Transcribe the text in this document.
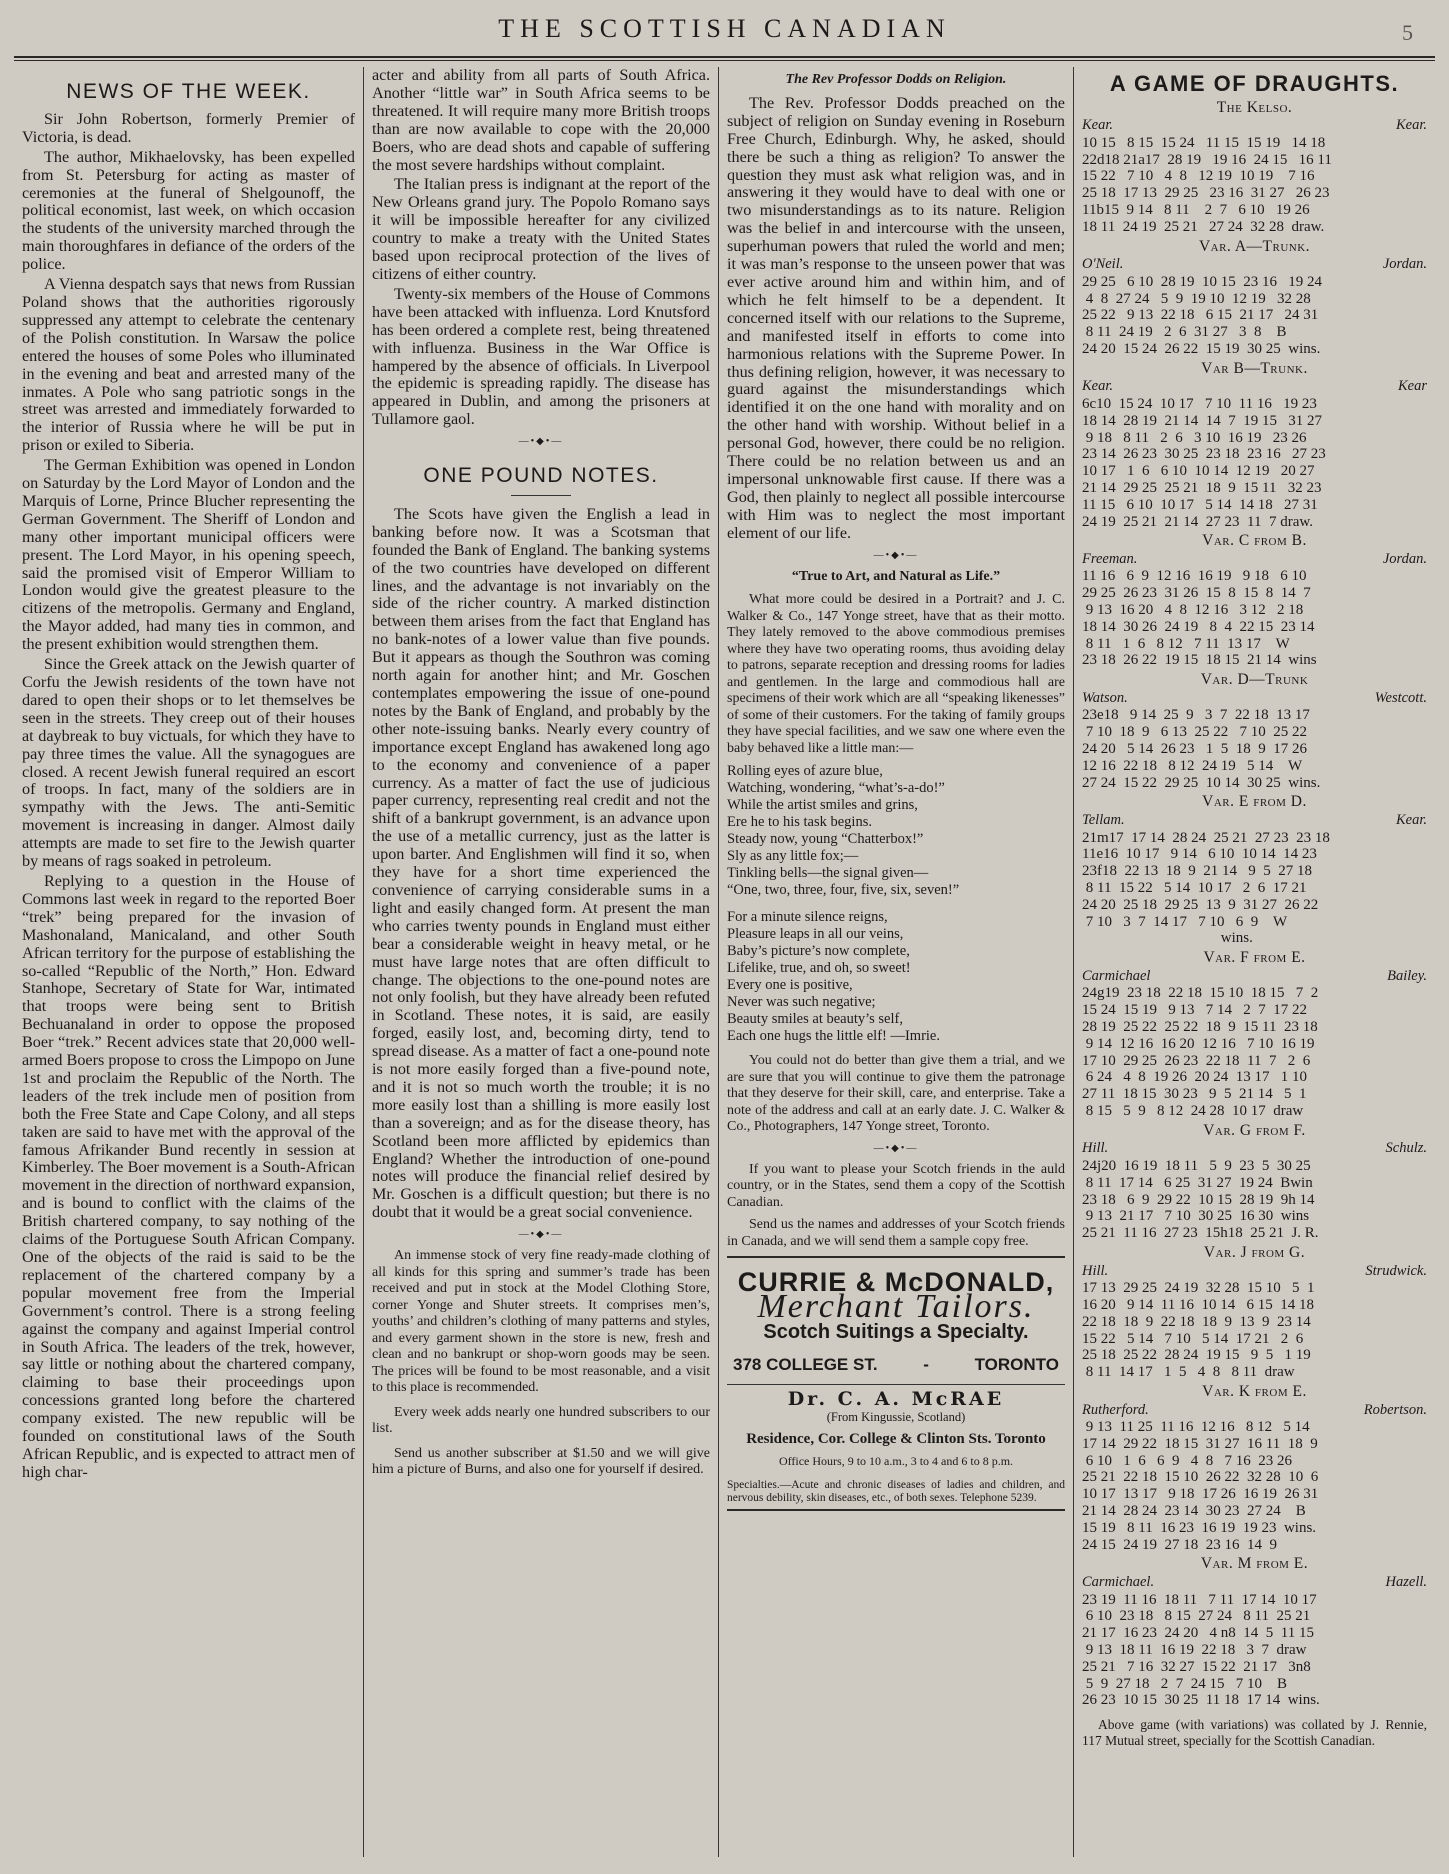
THE SCOTTISH CANADIAN	5
NEWS OF THE WEEK.

Sir John Robertson, formerly Premier of Victoria, is dead.

The author, Mikhaelovsky, has been expelled from St. Petersburg for acting as master of ceremonies at the funeral of Shelgounoff, the political economist, last week, on which occasion the students of the university marched through the main thoroughfares in defiance of the orders of the police.

A Vienna despatch says that news from Russian Poland shows that the authorities rigorously suppressed any attempt to celebrate the centenary of the Polish constitution. In Warsaw the police entered the houses of some Poles who illuminated in the evening and beat and arrested many of the inmates. A Pole who sang patriotic songs in the street was arrested and immediately forwarded to the interior of Russia where he will be put in prison or exiled to Siberia.

The German Exhibition was opened in London on Saturday by the Lord Mayor of London and the Marquis of Lorne, Prince Blucher representing the German Government. The Sheriff of London and many other important municipal officers were present. The Lord Mayor, in his opening speech, said the promised visit of Emperor William to London would give the greatest pleasure to the citizens of the metropolis. Germany and England, the Mayor added, had many ties in common, and the present exhibition would strengthen them.

Since the Greek attack on the Jewish quarter of Corfu the Jewish residents of the town have not dared to open their shops or to let themselves be seen in the streets. They creep out of their houses at daybreak to buy victuals, for which they have to pay three times the value. All the synagogues are closed. A recent Jewish funeral required an escort of troops. In fact, many of the soldiers are in sympathy with the Jews. The anti-Semitic movement is increasing in danger. Almost daily attempts are made to set fire to the Jewish quarter by means of rags soaked in petroleum.

Replying to a question in the House of Commons last week in regard to the reported Boer “trek” being prepared for the invasion of Mashonaland, Manicaland, and other South African territory for the purpose of establishing the so-called “Republic of the North,” Hon. Edward Stanhope, Secretary of State for War, intimated that troops were being sent to British Bechuanaland in order to oppose the proposed Boer “trek.” Recent advices state that 20,000 well-armed Boers propose to cross the Limpopo on June 1st and proclaim the Republic of the North. The leaders of the trek include men of position from both the Free State and Cape Colony, and all steps taken are said to have met with the approval of the famous Afrikander Bund recently in session at Kimberley. The Boer movement is a South-African movement in the direction of northward expansion, and is bound to conflict with the claims of the British chartered company, to say nothing of the claims of the Portuguese South African Company. One of the objects of the raid is said to be the replacement of the chartered company by a popular movement free from the Imperial Government’s control. There is a strong feeling against the company and against Imperial control in South Africa. The leaders of the trek, however, say little or nothing about the chartered company, claiming to base their proceedings upon concessions granted long before the chartered company existed. The new republic will be founded on constitutional laws of the South African Republic, and is expected to attract men of high char-

acter and ability from all parts of South Africa. Another “little war” in South Africa seems to be threatened. It will require many more British troops than are now available to cope with the 20,000 Boers, who are dead shots and capable of suffering the most severe hardships without complaint.

The Italian press is indignant at the report of the New Orleans grand jury. The Popolo Romano says it will be impossible hereafter for any civilized country to make a treaty with the United States based upon reciprocal protection of the lives of citizens of either country.

Twenty-six members of the House of Commons have been attacked with influenza. Lord Knutsford has been ordered a complete rest, being threatened with influenza. Business in the War Office is hampered by the absence of officials. In Liverpool the epidemic is spreading rapidly. The disease has appeared in Dublin, and among the prisoners at Tullamore gaol.

—•◆•—
ONE POUND NOTES.

The Scots have given the English a lead in banking before now. It was a Scotsman that founded the Bank of England. The banking systems of the two countries have developed on different lines, and the advantage is not invariably on the side of the richer country. A marked distinction between them arises from the fact that England has no bank-notes of a lower value than five pounds. But it appears as though the Southron was coming north again for another hint; and Mr. Goschen contemplates empowering the issue of one-pound notes by the Bank of England, and probably by the other note-issuing banks. Nearly every country of importance except England has awakened long ago to the economy and convenience of a paper currency. As a matter of fact the use of judicious paper currency, representing real credit and not the shift of a bankrupt government, is an advance upon the use of a metallic currency, just as the latter is upon barter. And Englishmen will find it so, when they have for a short time experienced the convenience of carrying considerable sums in a light and easily changed form. At present the man who carries twenty pounds in England must either bear a considerable weight in heavy metal, or he must have large notes that are often difficult to change. The objections to the one-pound notes are not only foolish, but they have already been refuted in Scotland. These notes, it is said, are easily forged, easily lost, and, becoming dirty, tend to spread disease. As a matter of fact a one-pound note is not more easily forged than a five-pound note, and it is not so much worth the trouble; it is no more easily lost than a shilling is more easily lost than a sovereign; and as for the disease theory, has Scotland been more afflicted by epidemics than England? Whether the introduction of one-pound notes will produce the financial relief desired by Mr. Goschen is a difficult question; but there is no doubt that it would be a great social convenience.

—•◆•—

An immense stock of very fine ready-made clothing of all kinds for this spring and summer’s trade has been received and put in stock at the Model Clothing Store, corner Yonge and Shuter streets. It comprises men’s, youths’ and children’s clothing of many patterns and styles, and every garment shown in the store is new, fresh and clean and no bankrupt or shop-worn goods may be seen. The prices will be found to be most reasonable, and a visit to this place is recommended.

Every week adds nearly one hundred subscribers to our list.

Send us another subscriber at $1.50 and we will give him a picture of Burns, and also one for yourself if desired.

The Rev Professor Dodds on Religion.

The Rev. Professor Dodds preached on the subject of religion on Sunday evening in Roseburn Free Church, Edinburgh. Why, he asked, should there be such a thing as religion? To answer the question they must ask what religion was, and in answering it they would have to deal with one or two misunderstandings as to its nature. Religion was the belief in and intercourse with the unseen, superhuman powers that ruled the world and men; it was man’s response to the unseen power that was ever active around him and within him, and of which he felt himself to be a dependent. It concerned itself with our relations to the Supreme, and manifested itself in efforts to come into harmonious relations with the Supreme Power. In thus defining religion, however, it was necessary to guard against the misunderstandings which identified it on the one hand with morality and on the other hand with worship. Without belief in a personal God, however, there could be no religion. There could be no relation between us and an impersonal unknowable first cause. If there was a God, then plainly to neglect all possible intercourse with Him was to neglect the most important element of our life.

—•◆•—
“True to Art, and Natural as Life.”

What more could be desired in a Portrait? and J. C. Walker & Co., 147 Yonge street, have that as their motto. They lately removed to the above commodious premises where they have two operating rooms, thus avoiding delay to patrons, separate reception and dressing rooms for ladies and gentlemen. In the large and commodious hall are specimens of their work which are all “speaking likenesses” of some of their customers. For the taking of family groups they have special facilities, and we saw one where even the baby behaved like a little man:—

Rolling eyes of azure blue,
Watching, wondering, “what’s-a-do!”
While the artist smiles and grins,
Ere he to his task begins.
Steady now, young “Chatterbox!”
Sly as any little fox;—
Tinkling bells—the signal given—
“One, two, three, four, five, six, seven!”
For a minute silence reigns,
Pleasure leaps in all our veins,
Baby’s picture’s now complete,
Lifelike, true, and oh, so sweet!
Every one is positive,
Never was such negative;
Beauty smiles at beauty’s self,
Each one hugs the little elf! —Imrie.

You could not do better than give them a trial, and we are sure that you will continue to give them the patronage that they deserve for their skill, care, and enterprise. Take a note of the address and call at an early date. J. C. Walker & Co., Photographers, 147 Yonge street, Toronto.

—•◆•—

If you want to please your Scotch friends in the auld country, or in the States, send them a copy of the Scottish Canadian.

Send us the names and addresses of your Scotch friends in Canada, and we will send them a sample copy free.

CURRIE & McDONALD,
Merchant Tailors.
Scotch Suitings a Specialty.
378 COLLEGE ST.	-	TORONTO
Dr. C. A. McRAE
(From Kingussie, Scotland)
Residence, Cor. College & Clinton Sts. Toronto
Office Hours, 9 to 10 a.m., 3 to 4 and 6 to 8 p.m.
Specialties.—Acute and chronic diseases of ladies and children, and nervous debility, skin diseases, etc., of both sexes. Telephone 5239.
A GAME OF DRAUGHTS.
The Kelso.
Kear.	Kear.
10 15   8 15  15 24   11 15  15 19   14 18
22d18 21a17  28 19   19 16  24 15   16 11
15 22   7 10   4  8   12 19  10 19    7 16
25 18  17 13  29 25   23 16  31 27   26 23
11b15  9 14   8 11    2  7   6 10   19 26
18 11  24 19  25 21   27 24  32 28  draw.
Var. A—Trunk.
O'Neil.	Jordan.
29 25   6 10  28 19  10 15  23 16   19 24
4  8  27 24   5  9  19 10  12 19   32 28
25 22   9 13  22 18   6 15  21 17   24 31
8 11  24 19   2  6  31 27   3  8    B
24 20  15 24  26 22  15 19  30 25  wins.
Var B—Trunk.
Kear.	Kear
6c10  15 24  10 17   7 10  11 16   19 23
18 14  28 19  21 14  14  7  19 15   31 27
9 18   8 11   2  6   3 10  16 19   23 26
23 14  26 23  30 25  23 18  23 16   27 23
10 17   1  6   6 10  10 14  12 19   20 27
21 14  29 25  25 21  18  9  15 11   32 23
11 15   6 10  10 17   5 14  14 18   27 31
24 19  25 21  21 14  27 23  11  7 draw.
Var. C from B.
Freeman.	Jordan.
11 16   6  9  12 16  16 19   9 18   6 10
29 25  26 23  31 26  15  8  15  8  14  7
9 13  16 20   4  8  12 16   3 12   2 18
18 14  30 26  24 19   8  4  22 15  23 14
8 11   1  6   8 12   7 11  13 17    W
23 18  26 22  19 15  18 15  21 14  wins
Var. D—Trunk
Watson.	Westcott.
23e18   9 14  25  9   3  7  22 18  13 17
7 10  18  9   6 13  25 22   7 10  25 22
24 20   5 14  26 23   1  5  18  9  17 26
12 16  22 18   8 12  24 19   5 14    W
27 24  15 22  29 25  10 14  30 25  wins.
Var. E from D.
Tellam.	Kear.
21m17  17 14  28 24  25 21  27 23  23 18
11e16  10 17   9 14   6 10  10 14  14 23
23f18  22 13  18  9  21 14   9  5  27 18
8 11  15 22   5 14  10 17   2  6  17 21
24 20  25 18  29 25  13  9  31 27  26 22
7 10   3  7  14 17   7 10   6  9    W
wins.
Var. F from E.
Carmichael	Bailey.
24g19  23 18  22 18  15 10  18 15   7  2
15 24  15 19   9 13   7 14   2  7  17 22
28 19  25 22  25 22  18  9  15 11  23 18
9 14  12 16  16 20  12 16   7 10  16 19
17 10  29 25  26 23  22 18  11  7   2  6
6 24   4  8  19 26  20 24  13 17   1 10
27 11  18 15  30 23   9  5  21 14   5  1
8 15   5  9   8 12  24 28  10 17  draw
Var. G from F.
Hill.	Schulz.
24j20  16 19  18 11   5  9  23  5  30 25
8 11  17 14   6 25  31 27  19 24  Bwin
23 18   6  9  29 22  10 15  28 19  9h 14
9 13  21 17   7 10  30 25  16 30  wins
25 21  11 16  27 23  15h18  25 21  J. R.
Var. J from G.
Hill.	Strudwick.
17 13  29 25  24 19  32 28  15 10   5  1
16 20   9 14  11 16  10 14   6 15  14 18
22 18  18  9  22 18  18  9  13  9  23 14
15 22   5 14   7 10   5 14  17 21   2  6
25 18  25 22  28 24  19 15   9  5   1 19
8 11  14 17   1  5   4  8   8 11  draw
Var. K from E.
Rutherford.	Robertson.
9 13  11 25  11 16  12 16   8 12   5 14
17 14  29 22  18 15  31 27  16 11  18  9
6 10   1  6   6  9   4  8   7 16  23 26
25 21  22 18  15 10  26 22  32 28  10  6
10 17  13 17   9 18  17 26  16 19  26 31
21 14  28 24  23 14  30 23  27 24    B
15 19   8 11  16 23  16 19  19 23  wins.
24 15  24 19  27 18  23 16  14  9
Var. M from E.
Carmichael.	Hazell.
23 19  11 16  18 11   7 11  17 14  10 17
6 10  23 18   8 15  27 24   8 11  25 21
21 17  16 23  24 20   4 n8  14  5  11 15
9 13  18 11  16 19  22 18   3  7  draw
25 21   7 16  32 27  15 22  21 17   3n8
5  9  27 18   2  7  24 15   7 10    B
26 23  10 15  30 25  11 18  17 14  wins.
Above game (with variations) was collated by J. Rennie, 117 Mutual street, specially for the Scottish Canadian.
